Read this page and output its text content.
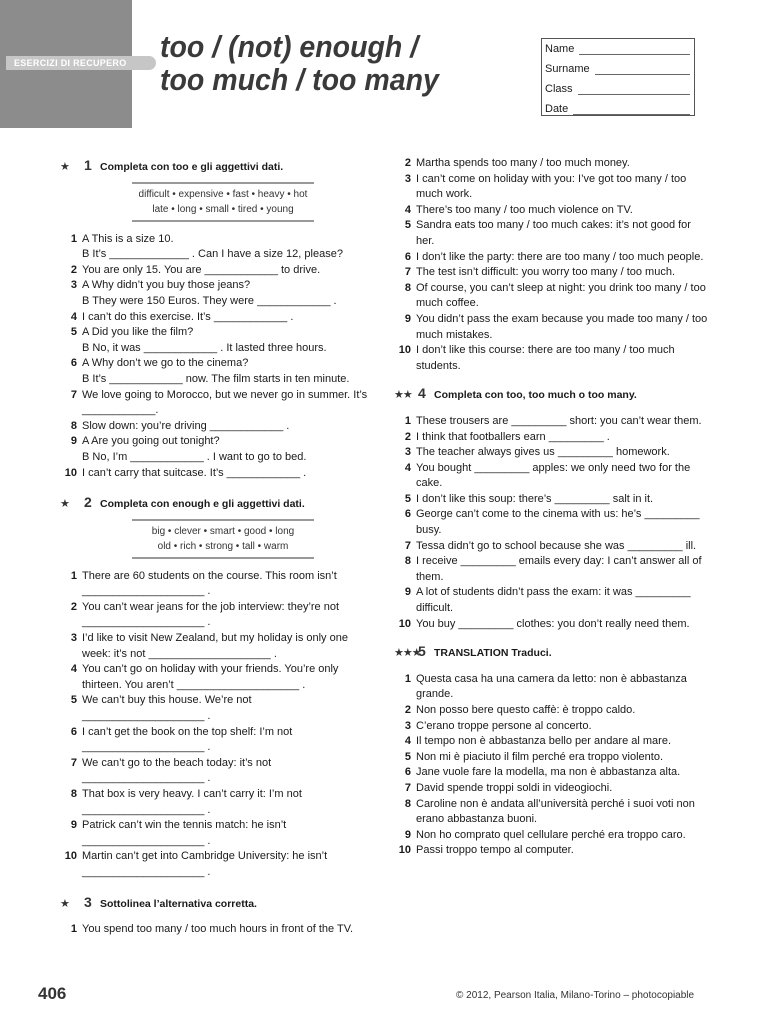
ESERCIZI DI RECUPERO	too / (not) enough /
too much / too many
Name
Surname
Class
Date
★	1 Completa con too e gli aggettivi dati.
difficult • expensive • fast • heavy • hot
late • long • small • tired • young
1 A This is a size 10.
B It’s _____________ . Can I have a size 12, please?
2 You are only 15. You are ____________ to drive.
3 A Why didn’t you buy those jeans?
B They were 150 Euros. They were ____________ .
4 I can’t do this exercise. It’s ____________ .
5 A Did you like the film?
B No, it was ____________ . It lasted three hours.
6 A Why don’t we go to the cinema?
B It’s ____________ now. The film starts in ten minute.
7 We love going to Morocco, but we never go in summer. It’s ____________.
8 Slow down: you’re driving ____________ .
9 A Are you going out tonight?
B No, I’m ____________ . I want to go to bed.
10 I can’t carry that suitcase. It’s ____________ .
★	2 Completa con enough e gli aggettivi dati.
big • clever • smart • good • long
old • rich • strong • tall • warm
1 There are 60 students on the course. This room isn’t ____________________ .
2 You can’t wear jeans for the job interview: they’re not ____________________ .
3 I’d like to visit New Zealand, but my holiday is only one week: it’s not ____________________ .
4 You can’t go on holiday with your friends. You’re only thirteen. You aren’t ____________________ .
5 We can’t buy this house. We’re not ____________________ .
6 I can’t get the book on the top shelf: I’m not ____________________ .
7 We can’t go to the beach today: it’s not ____________________ .
8 That box is very heavy. I can’t carry it: I’m not ____________________ .
9 Patrick can’t win the tennis match: he isn’t ____________________ .
10 Martin can’t get into Cambridge University: he isn’t ____________________ .
★	3 Sottolinea l’alternativa corretta.
1 You spend too many / too much hours in front of the TV.
2 Martha spends too many / too much money.
3 I can’t come on holiday with you: I’ve got too many / too much work.
4 There’s too many / too much violence on TV.
5 Sandra eats too many / too much cakes: it’s not good for her.
6 I don’t like the party: there are too many / too much people.
7 The test isn’t difficult: you worry too many / too much.
8 Of course, you can’t sleep at night: you drink too many / too much coffee.
9 You didn’t pass the exam because you made too many / too much mistakes.
10 I don’t like this course: there are too many / too much students.
★★ 4 Completa con too, too much o too many.
1 These trousers are _________ short: you can’t wear them.
2 I think that footballers earn _________ .
3 The teacher always gives us _________ homework.
4 You bought _________ apples: we only need two for the cake.
5 I don’t like this soup: there’s _________ salt in it.
6 George can’t come to the cinema with us: he’s _________ busy.
7 Tessa didn’t go to school because she was _________ ill.
8 I receive _________ emails every day: I can’t answer all of them.
9 A lot of students didn’t pass the exam: it was _________ difficult.
10 You buy _________ clothes: you don’t really need them.
★★★
5 TRANSLATION Traduci.
1 Questa casa ha una camera da letto: non è abbastanza grande.
2 Non posso bere questo caffè: è troppo caldo.
3 C’erano troppe persone al concerto.
4 Il tempo non è abbastanza bello per andare al mare.
5 Non mi è piaciuto il film perché era troppo violento.
6 Jane vuole fare la modella, ma non è abbastanza alta.
7 David spende troppi soldi in videogiochi.
8 Caroline non è andata all’università perché i suoi voti non erano abbastanza buoni.
9 Non ho comprato quel cellulare perché era troppo caro.
10 Passi troppo tempo al computer.
406	© 2012, Pearson Italia, Milano-Torino – photocopiable
